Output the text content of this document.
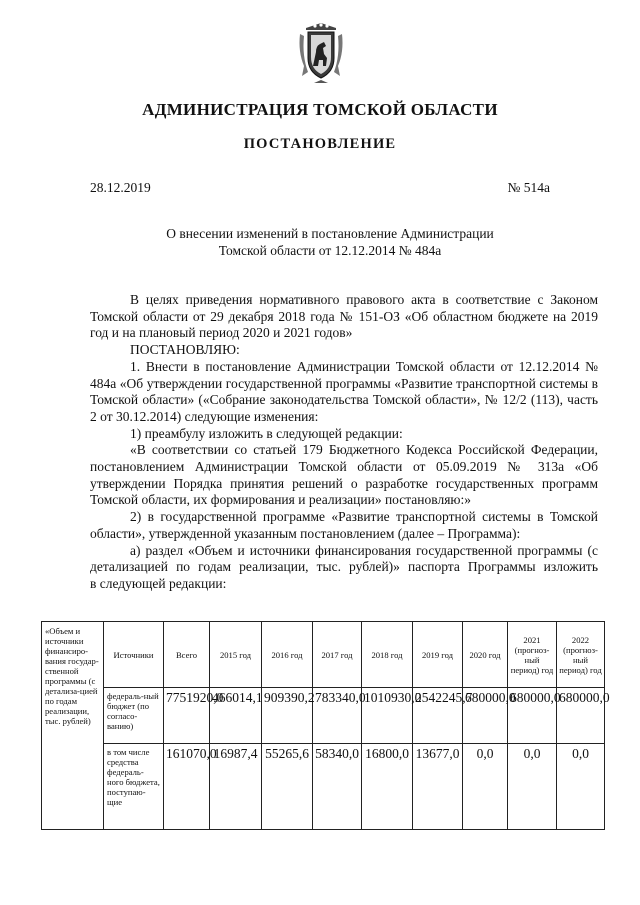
АДМИНИСТРАЦИЯ ТОМСКОЙ ОБЛАСТИ
ПОСТАНОВЛЕНИЕ
28.12.2019	№ 514а
О внесении изменений в постановление Администрации
Томской области от 12.12.2014 № 484а

В целях приведения нормативного правового акта в соответствие с Законом Томской области от 29 декабря 2018 года № 151-ОЗ «Об областном бюджете на 2019 год и на плановый период 2020 и 2021 годов»

ПОСТАНОВЛЯЮ:

1. Внести в постановление Администрации Томской области от 12.12.2014 № 484а «Об утверждении государственной программы «Развитие транспортной системы в Томской области» («Собрание законодательства Томской области», № 12/2 (113), часть 2 от 30.12.2014) следующие изменения:

1) преамбулу изложить в следующей редакции:

«В соответствии со статьей 179 Бюджетного Кодекса Российской Федерации, постановлением Администрации Томской области от 05.09.2019 № 313а «Об утверждении Порядка принятия решений о разработке государственных программ Томской области, их формирования и реализации» постановляю:»

2) в государственной программе «Развитие транспортной системы в Томской области», утвержденной указанным постановлением (далее – Программа):

а) раздел «Объем и источники финансирования государственной программы (с детализацией по годам реализации, тыс. рублей)» паспорта Программы изложить

в следующей редакции:

«Объем и источники финансиро-вания государ-ственной программы (с детализа-цией по годам реализации, тыс. рублей)	Источники	Всего	2015 год	2016 год	2017 год	2018 год	2019 год	2020 год	2021 (прогноз-ный период) год	2022 (прогноз-ный период) год
	федераль-ный бюджет (по согласо-ванию)	7751920,0	466014,1	909390,2	783340,0	1010930,0	2542245,7	680000,0	680000,0	680000,0
	в том числе средства федераль-ного бюджета, поступаю-щие	161070,0	16987,4	55265,6	58340,0	16800,0	13677,0	0,0	0,0	0,0
